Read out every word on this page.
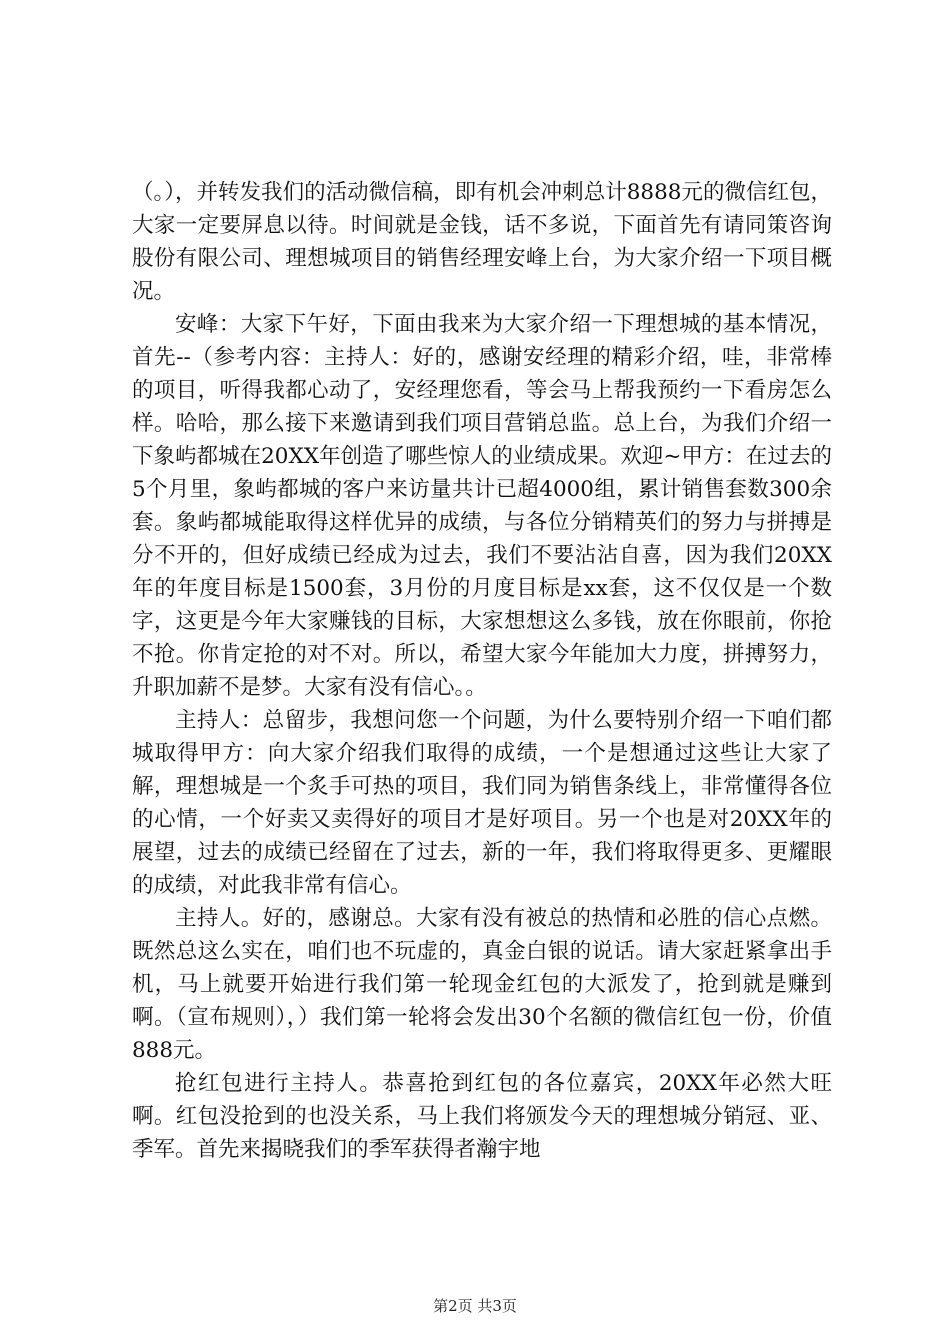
（。），并转发我们的活动微信稿，即有机会冲刺总计8888元的微信红包，大家一定要屏息以待。时间就是金钱，话不多说，下面首先有请同策咨询股份有限公司、理想城项目的销售经理安峰上台，为大家介绍一下项目概况。

安峰：大家下午好，下面由我来为大家介绍一下理想城的基本情况，首先--（参考内容：主持人：好的，感谢安经理的精彩介绍，哇，非常棒的项目，听得我都心动了，安经理您看，等会马上帮我预约一下看房怎么样。哈哈，那么接下来邀请到我们项目营销总监。总上台，为我们介绍一下象屿都城在20XX年创造了哪些惊人的业绩成果。欢迎~甲方：在过去的5个月里，象屿都城的客户来访量共计已超4000组，累计销售套数300余套。象屿都城能取得这样优异的成绩，与各位分销精英们的努力与拼搏是分不开的，但好成绩已经成为过去，我们不要沾沾自喜，因为我们20XX年的年度目标是1500套，3月份的月度目标是xx套，这不仅仅是一个数字，这更是今年大家赚钱的目标，大家想想这么多钱，放在你眼前，你抢不抢。你肯定抢的对不对。所以，希望大家今年能加大力度，拼搏努力，升职加薪不是梦。大家有没有信心。。

主持人：总留步，我想问您一个问题，为什么要特别介绍一下咱们都城取得甲方：向大家介绍我们取得的成绩，一个是想通过这些让大家了解，理想城是一个炙手可热的项目，我们同为销售条线上，非常懂得各位的心情，一个好卖又卖得好的项目才是好项目。另一个也是对20XX年的展望，过去的成绩已经留在了过去，新的一年，我们将取得更多、更耀眼的成绩，对此我非常有信心。

主持人。好的，感谢总。大家有没有被总的热情和必胜的信心点燃。既然总这么实在，咱们也不玩虚的，真金白银的说话。请大家赶紧拿出手机，马上就要开始进行我们第一轮现金红包的大派发了，抢到就是赚到啊。（宣布规则），）我们第一轮将会发出30个名额的微信红包一份，价值888元。

抢红包进行主持人。恭喜抢到红包的各位嘉宾，20XX年必然大旺啊。红包没抢到的也没关系，马上我们将颁发今天的理想城分销冠、亚、季军。首先来揭晓我们的季军获得者瀚宇地

第2页 共3页
